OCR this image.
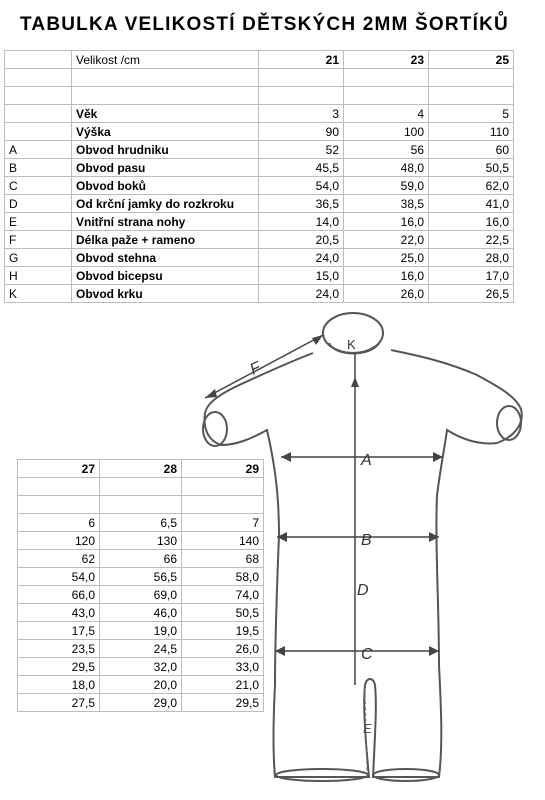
TABULKA VELIKOSTÍ DĚTSKÝCH 2MM ŠORTÍKŮ
	Velikost /cm	21	23	25

	Věk	3	4	5
	Výška	90	100	110
A	Obvod hrudniku	52	56	60
B	Obvod pasu	45,5	48,0	50,5
C	Obvod boků	54,0	59,0	62,0
D	Od krční jamky do rozkroku	36,5	38,5	41,0
E	Vnitřní strana nohy	14,0	16,0	16,0
F	Délka paže + rameno	20,5	22,0	22,5
G	Obvod stehna	24,0	25,0	28,0
H	Obvod bicepsu	15,0	16,0	17,0
K	Obvod krku	24,0	26,0	26,5
27	28	29

6	6,5	7
120	130	140
62	66	68
54,0	56,5	58,0
66,0	69,0	74,0
43,0	46,0	50,5
17,5	19,0	19,5
23,5	24,5	26,0
29,5	32,0	33,0
18,0	20,0	21,0
27,5	29,0	29,5
F
K
D
A
B
C
E
